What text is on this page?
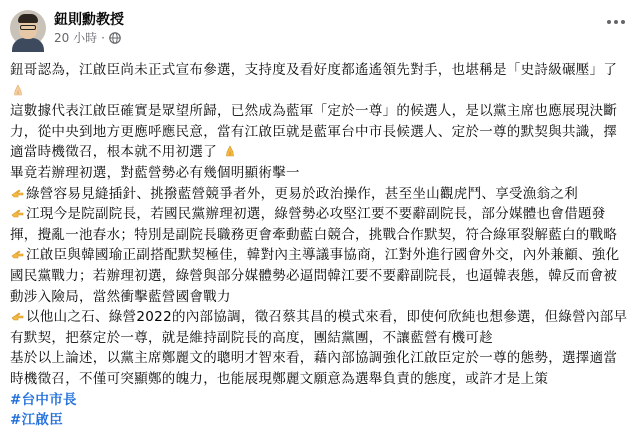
鈕則勳教授
20 小時 ·

鈕哥認為，江啟臣尚未正式宣布參選，支持度及看好度都遙遙領先對手，也堪稱是「史詩級碾壓」了

這數據代表江啟臣確實是眾望所歸，已然成為藍軍「定於一尊」的候選人，是以黨主席也應展現決斷力，從中央到地方更應呼應民意，當有江啟臣就是藍軍台中市長候選人、定於一尊的默契與共識，擇適當時機徵召，根本就不用初選了

畢竟若辦理初選，對藍營勢必有幾個明顯術擊一

綠營容易見縫插針、挑撥藍營競爭者外，更易於政治操作，甚至坐山觀虎鬥、享受漁翁之利

江現今是院副院長，若國民黨辦理初選，綠營勢必攻堅江要不要辭副院長，部分媒體也會借題發揮，攪亂一池春水；特別是副院長職務更會牽動藍白競合，挑戰合作默契，符合綠軍裂解藍白的戰略

江啟臣與韓國瑜正副搭配默契極佳，韓對內主導議事協商，江對外進行國會外交，內外兼顧、強化國民黨戰力；若辦理初選，綠營與部分媒體勢必逼問韓江要不要辭副院長，也逼韓表態，韓反而會被動涉入險局，當然衝擊藍營國會戰力

以他山之石、綠營2022的內部協調，徵召蔡其昌的模式來看，即使何欣純也想參選，但綠營內部早有默契，把蔡定於一尊，就是維持副院長的高度，團結黨團，不讓藍營有機可趁

基於以上論述，以黨主席鄭麗文的聰明才智來看，藉內部協調強化江啟臣定於一尊的態勢，選擇適當時機徵召，不僅可突顯鄭的魄力，也能展現鄭麗文願意為選舉負責的態度，或許才是上策

#台中市長

#江啟臣
